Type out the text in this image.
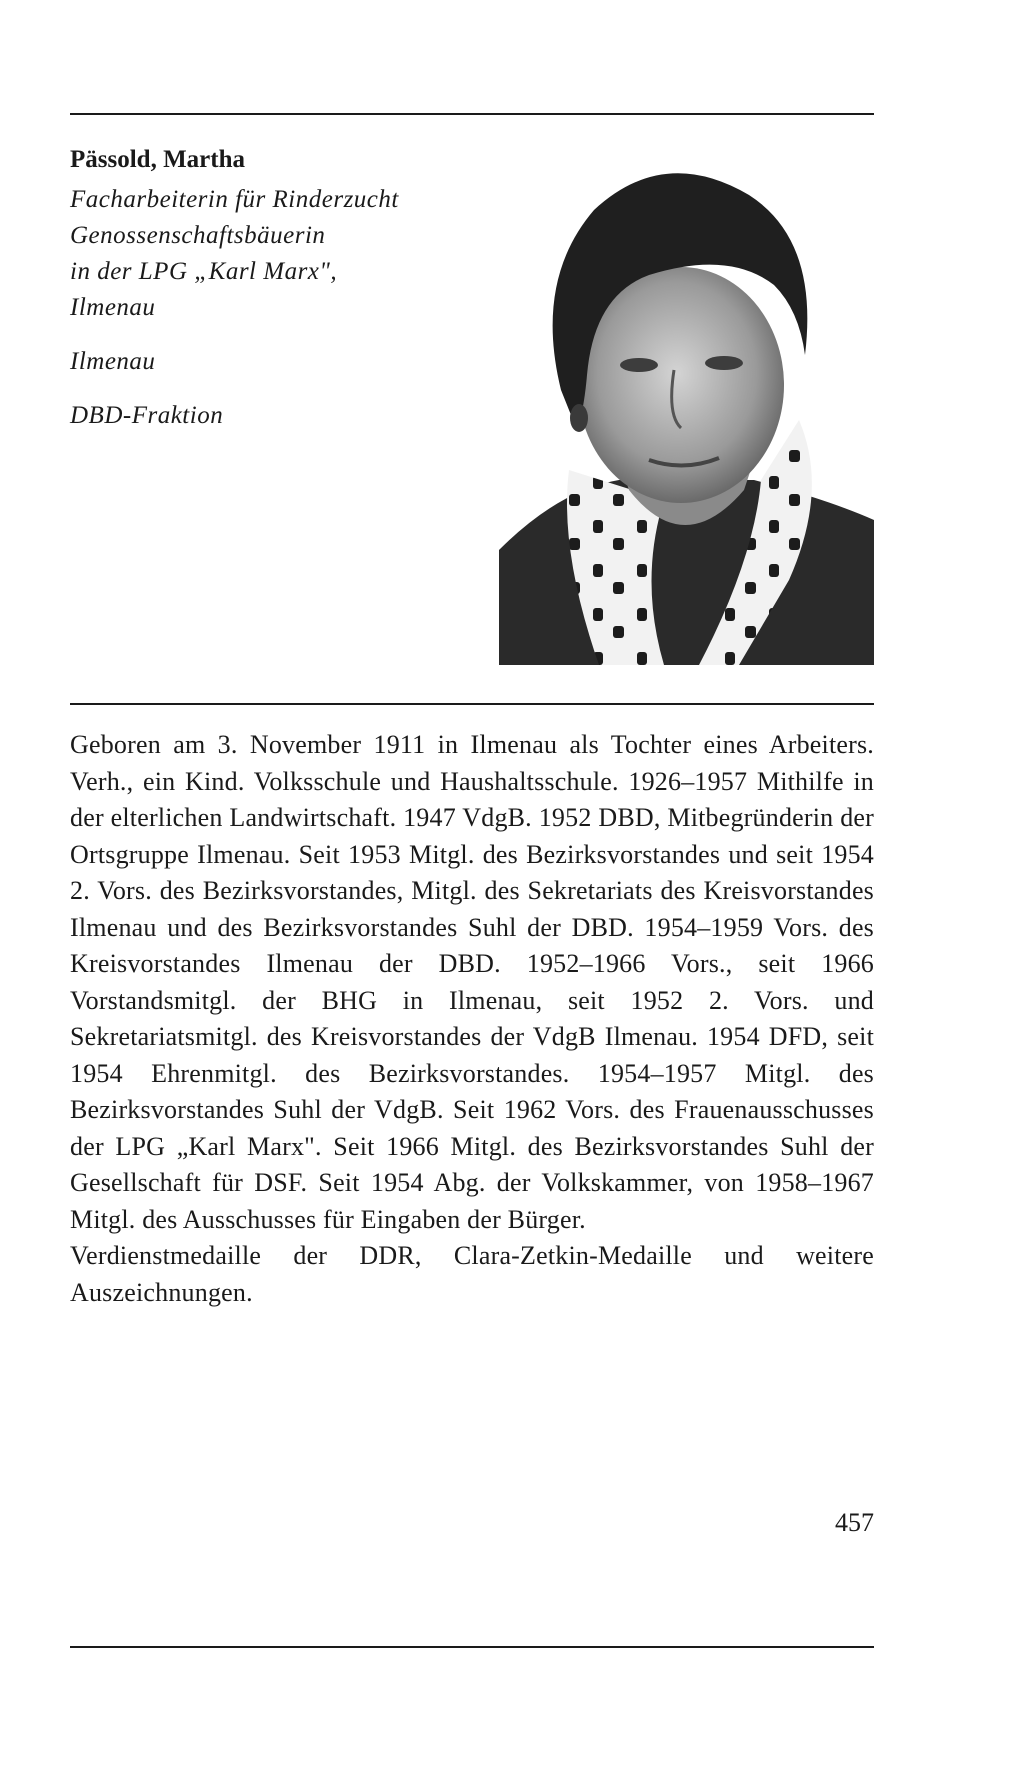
Pässold, Martha
Facharbeiterin für Rinderzucht
Genossenschaftsbäuerin
in der LPG „Karl Marx",
Ilmenau
Ilmenau
DBD-Fraktion

Geboren am 3. November 1911 in Ilmenau als Tochter eines Arbeiters. Verh., ein Kind. Volksschule und Haushaltsschule. 1926–1957 Mithilfe in der elterlichen Landwirtschaft. 1947 VdgB. 1952 DBD, Mitbegründerin der Ortsgruppe Ilmenau. Seit 1953 Mitgl. des Bezirksvorstandes und seit 1954 2. Vors. des Bezirksvorstandes, Mitgl. des Sekretariats des Kreisvorstandes Ilmenau und des Bezirksvorstandes Suhl der DBD. 1954–1959 Vors. des Kreisvorstandes Ilmenau der DBD. 1952–1966 Vors., seit 1966 Vorstandsmitgl. der BHG in Ilmenau, seit 1952 2. Vors. und Sekretariatsmitgl. des Kreisvorstandes der VdgB Ilmenau. 1954 DFD, seit 1954 Ehrenmitgl. des Bezirksvorstandes. 1954–1957 Mitgl. des Bezirksvorstandes Suhl der VdgB. Seit 1962 Vors. des Frauenausschusses der LPG „Karl Marx". Seit 1966 Mitgl. des Bezirksvorstandes Suhl der Gesellschaft für DSF. Seit 1954 Abg. der Volkskammer, von 1958–1967 Mitgl. des Ausschusses für Eingaben der Bürger.

Verdienstmedaille der DDR, Clara-Zetkin-Medaille und weitere Auszeichnungen.

457
